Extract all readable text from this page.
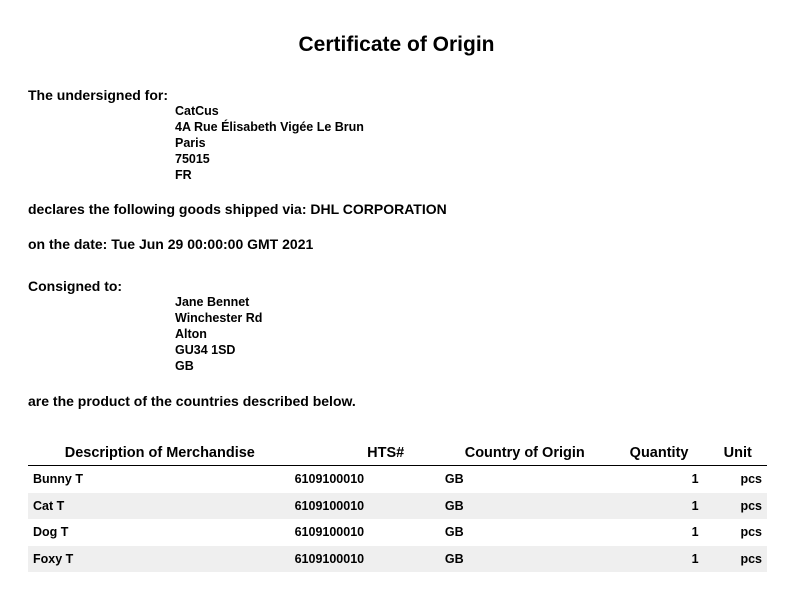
Certificate of Origin
The undersigned for:
CatCus
4A Rue Élisabeth Vigée Le Brun
Paris
75015
FR
declares the following goods shipped via: DHL CORPORATION
on the date: Tue Jun 29 00:00:00 GMT 2021
Consigned to:
Jane Bennet
Winchester Rd
Alton
GU34 1SD
GB
are the product of the countries described below.
Description of Merchandise	HTS#	Country of Origin	Quantity	Unit
Bunny T	6109100010	GB	1	pcs
Cat T	6109100010	GB	1	pcs
Dog T	6109100010	GB	1	pcs
Foxy T	6109100010	GB	1	pcs
